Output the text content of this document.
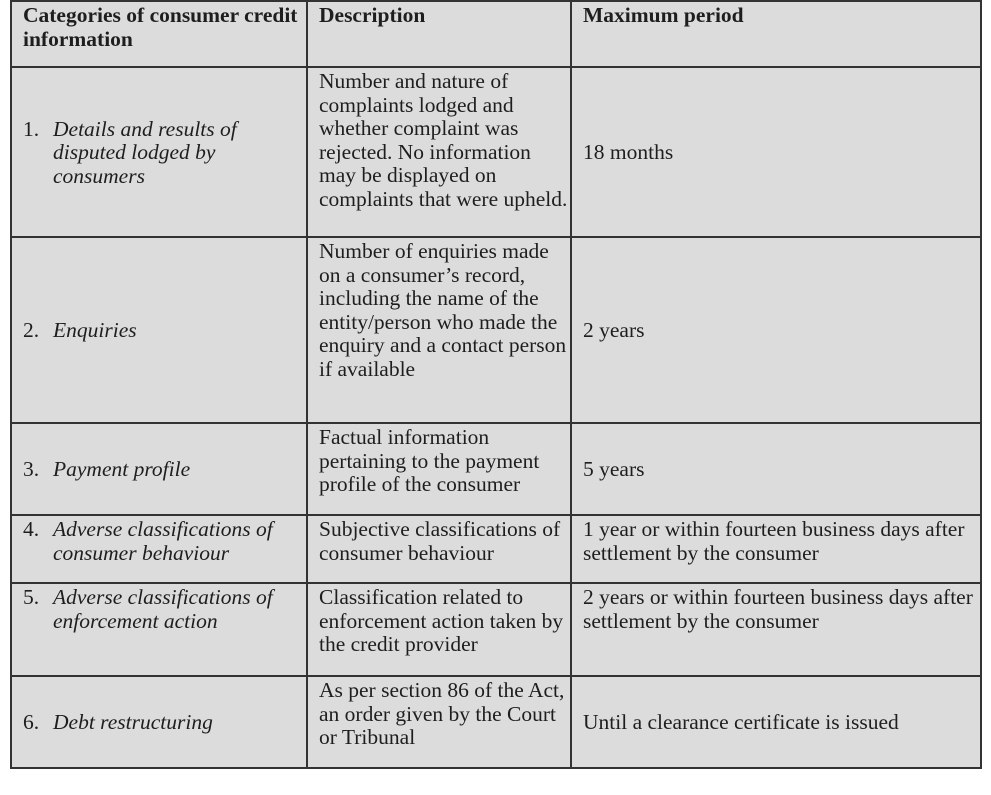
Categories of consumer credit information	Description	Maximum period

1. Details and results of disputed lodged by consumers	Number and nature of complaints lodged and whether complaint was rejected. No information may be displayed on complaints that were upheld.	18 months

2. Enquiries	Number of enquiries made on a consumer’s record, including the name of the entity/person who made the enquiry and a contact person if available	2 years

3. Payment profile	Factual information pertaining to the payment profile of the consumer	5 years

4. Adverse classifications of consumer behaviour	Subjective classifications of consumer behaviour	1 year or within fourteen business days after settlement by the consumer

5. Adverse classifications of enforcement action	Classification related to enforcement action taken by the credit provider	2 years or within fourteen business days after settlement by the consumer

6. Debt restructuring	As per section 86 of the Act, an order given by the Court or Tribunal	Until a clearance certificate is issued
